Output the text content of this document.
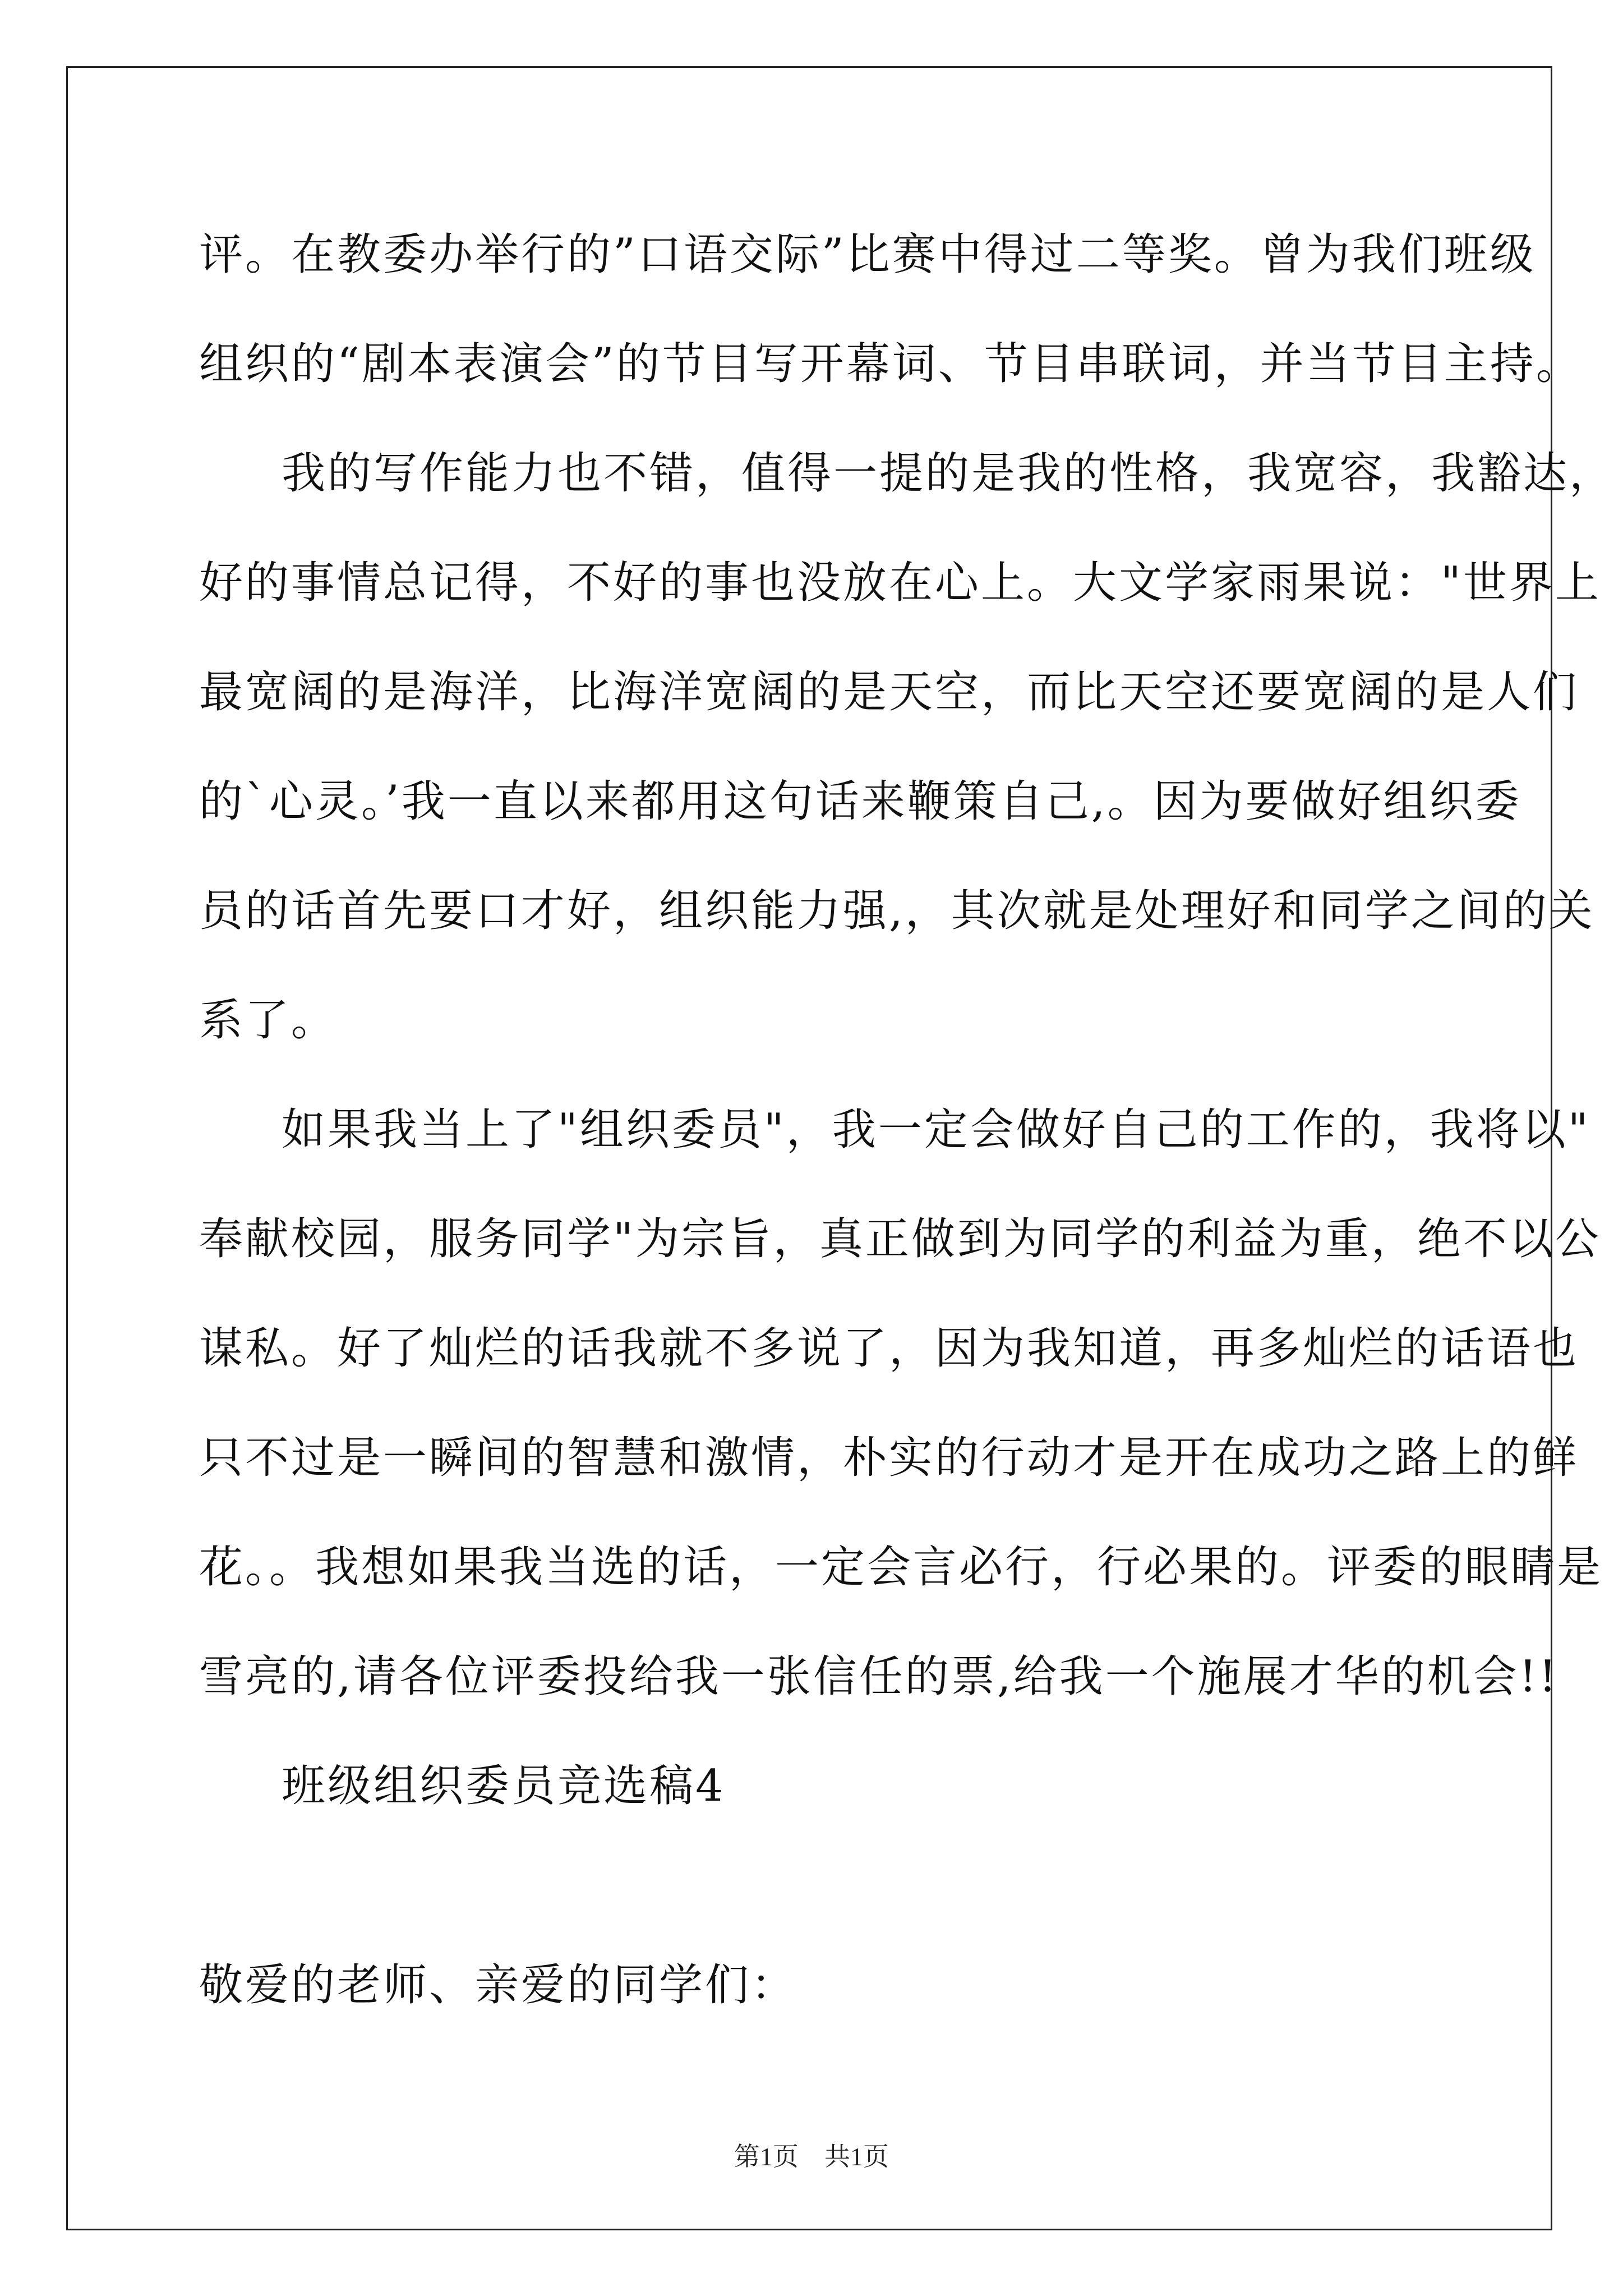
评。在教委办举行的”口语交际”比赛中得过二等奖。曾为我们班级
组织的“剧本表演会”的节目写开幕词、节目串联词，并当节目主持。
我的写作能力也不错，值得一提的是我的性格，我宽容，我豁达，
好的事情总记得，不好的事也没放在心上。大文学家雨果说："世界上
最宽阔的是海洋，比海洋宽阔的是天空，而比天空还要宽阔的是人们
的`心灵。’我一直以来都用这句话来鞭策自己,。因为要做好组织委
员的话首先要口才好，组织能力强,，其次就是处理好和同学之间的关
系了。
如果我当上了"组织委员"，我一定会做好自己的工作的，我将以"
奉献校园，服务同学"为宗旨，真正做到为同学的利益为重，绝不以公
谋私。好了灿烂的话我就不多说了，因为我知道，再多灿烂的话语也
只不过是一瞬间的智慧和激情，朴实的行动才是开在成功之路上的鲜
花。。我想如果我当选的话，一定会言必行，行必果的。评委的眼睛是
雪亮的,请各位评委投给我一张信任的票,给我一个施展才华的机会!!
班级组织委员竞选稿4
敬爱的老师、亲爱的同学们：
第1页　共1页
